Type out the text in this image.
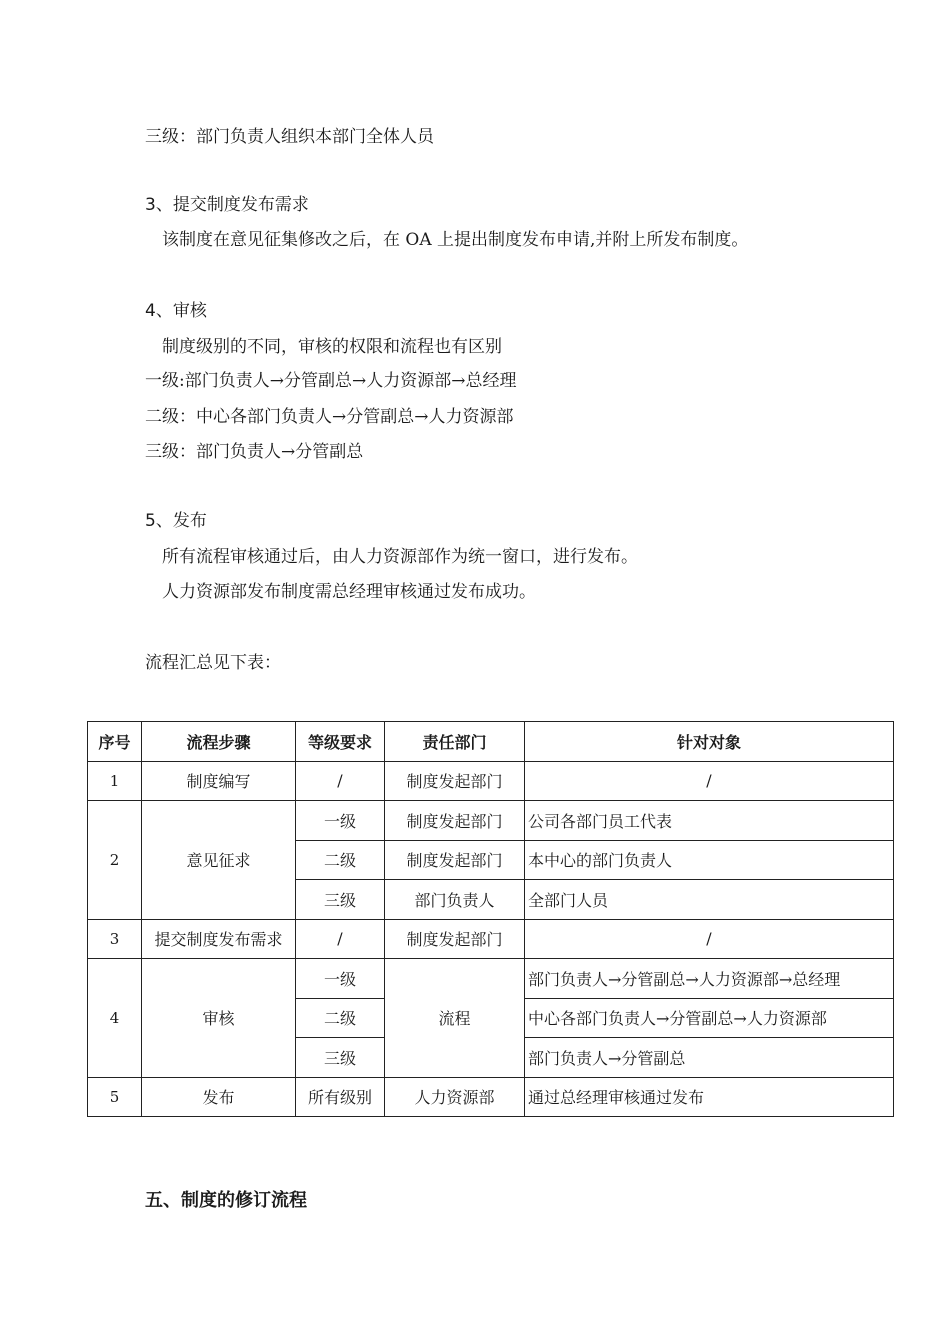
三级：部门负责人组织本部门全体人员
3、提交制度发布需求
该制度在意见征集修改之后，在 OA 上提出制度发布申请,并附上所发布制度。
4、审核
制度级别的不同，审核的权限和流程也有区别
一级:部门负责人→分管副总→人力资源部→总经理
二级：中心各部门负责人→分管副总→人力资源部
三级：部门负责人→分管副总
5、发布
所有流程审核通过后，由人力资源部作为统一窗口，进行发布。
人力资源部发布制度需总经理审核通过发布成功。
流程汇总见下表：
序号	流程步骤	等级要求	责任部门	针对对象
1	制度编写	/	制度发起部门	/
2	意见征求	一级	制度发起部门	公司各部门员工代表
		二级	制度发起部门	本中心的部门负责人
		三级	部门负责人	全部门人员
3	提交制度发布需求	/	制度发起部门	/
4	审核	一级	流程	部门负责人→分管副总→人力资源部→总经理
		二级		中心各部门负责人→分管副总→人力资源部
		三级		部门负责人→分管副总
5	发布	所有级别	人力资源部	通过总经理审核通过发布
五、制度的修订流程
